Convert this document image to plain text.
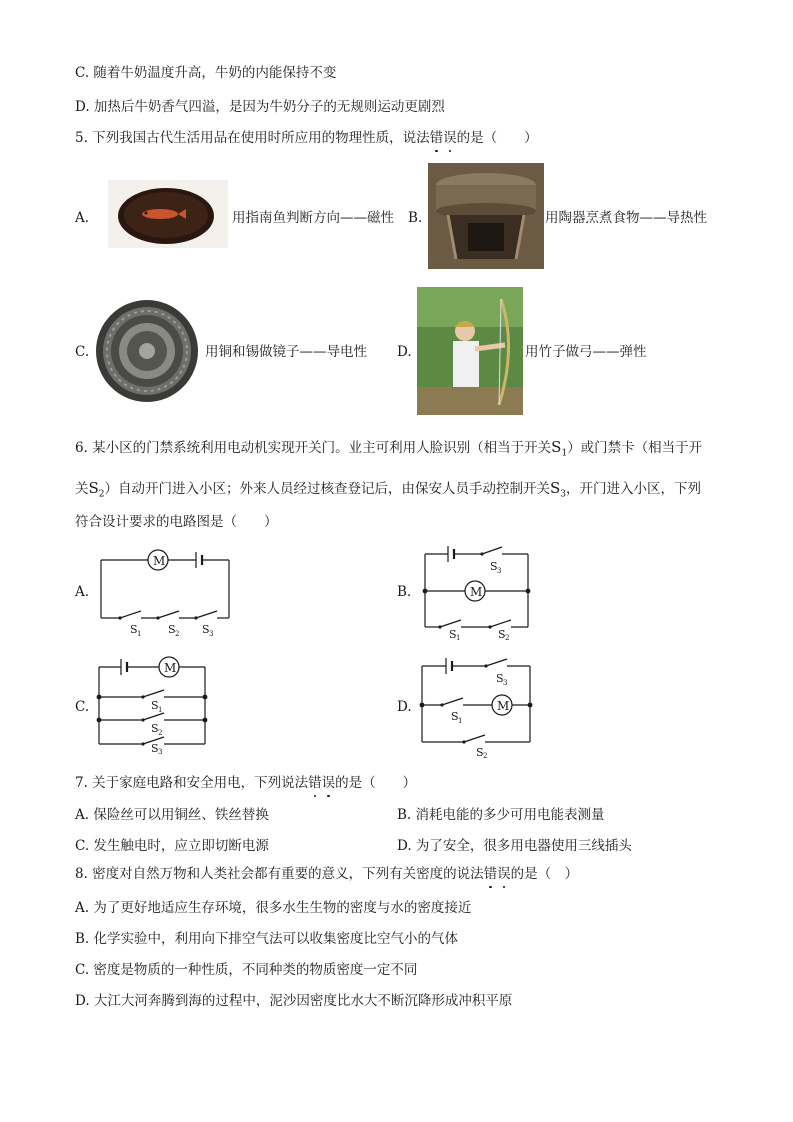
C. 随着牛奶温度升高，牛奶的内能保持不变
D. 加热后牛奶香气四溢，是因为牛奶分子的无规则运动更剧烈
5. 下列我国古代生活用品在使用时所应用的物理性质，说法错
误
的是（　　）
A.	用指南鱼判断方向——磁性 B.	用陶器烹煮食物——导热性
C.	用铜和锡做镜子——导电性 D.	用竹子做弓——弹性
6. 某小区的门禁系统利用电动机实现开关门。业主可利用人脸识别（相当于开关$S_1$）或门禁卡（相当于开
关$S_2$）自动开门进入小区；外来人员经过核查登记后，由保安人员手动控制开关$S_3$，开门进入小区，下列
符合设计要求的电路图是（　　）
A.
M
S 1 S 2 S 3
B.	M
S 3
S 1	S 2
C.
M
S 1
S 2
S 3
D.	M
S 3
S 1
S 2
7. 关于家庭电路和安全用电，下列说法错
误
的是（　　）
A. 保险丝可以用铜丝、铁丝替换	B. 消耗电能的多少可用电能表测量
C. 发生触电时，应立即切断电源	D. 为了安全，很多用电器使用三线插头
8. 密度对自然万物和人类社会都有重要的意义，下列有关密度的说法错
误
的是（　）
A. 为了更好地适应生存环境，很多水生生物的密度与水的密度接近
B. 化学实验中，利用向下排空气法可以收集密度比空气小的气体
C. 密度是物质的一种性质，不同种类的物质密度一定不同
D. 大江大河奔腾到海的过程中，泥沙因密度比水大不断沉降形成冲积平原
